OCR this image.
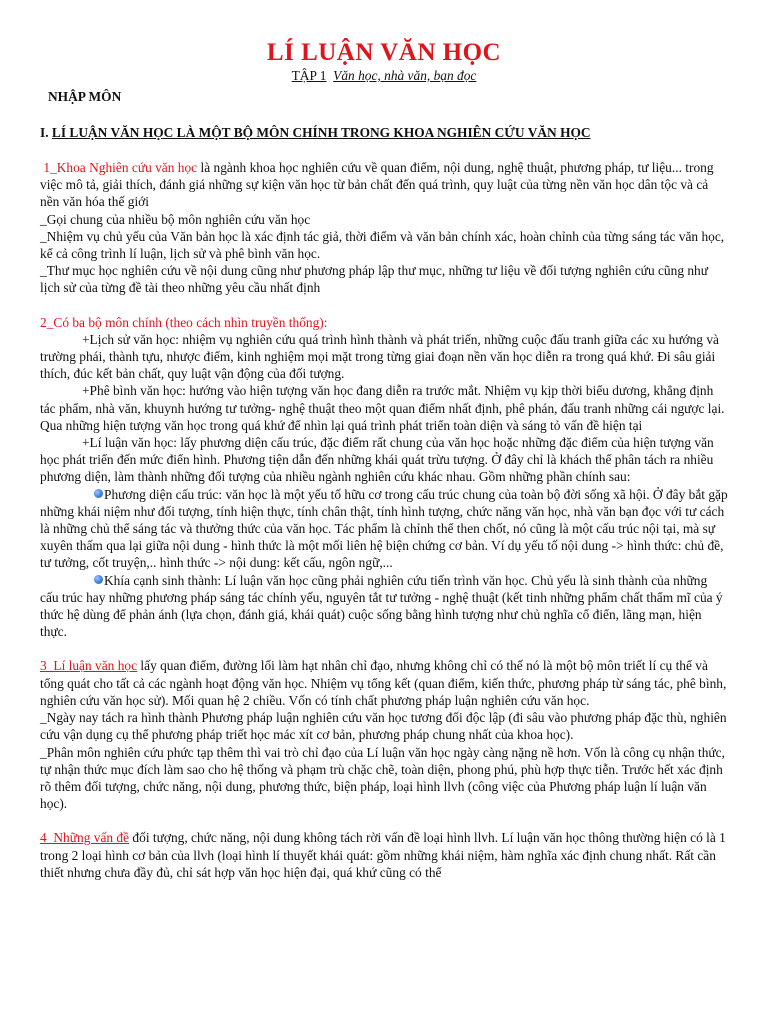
LÍ LUẬN VĂN HỌC

TẬP 1 Văn học, nhà văn, bạn đọc

NHẬP MÔN

I. LÍ LUẬN VĂN HỌC LÀ MỘT BỘ MÔN CHÍNH TRONG KHOA NGHIÊN CỨU VĂN HỌC

1_Khoa Nghiên cứu văn học là ngành khoa học nghiên cứu về quan điểm, nội dung, nghệ thuật, phương pháp, tư liệu... trong việc mô tả, giải thích, đánh giá những sự kiện văn học từ bản chất đến quá trình, quy luật của từng nền văn học dân tộc và cả nền văn hóa thế giới

_Gọi chung của nhiều bộ môn nghiên cứu văn học

_Nhiệm vụ chủ yếu của Văn bản học là xác định tác giả, thời điểm và văn bản chính xác, hoàn chỉnh của từng sáng tác văn học, kể cả công trình lí luận, lịch sử và phê bình văn học.

_Thư mục học nghiên cứu về nội dung cũng như phương pháp lập thư mục, những tư liệu về đối tượng nghiên cứu cũng như lịch sử của từng đề tài theo những yêu cầu nhất định

2_Có ba bộ môn chính (theo cách nhìn truyền thống):

+Lịch sử văn học: nhiệm vụ nghiên cứu quá trình hình thành và phát triển, những cuộc đấu tranh giữa các xu hướng và trường phái, thành tựu, nhược điểm, kinh nghiệm mọi mặt trong từng giai đoạn nền văn học diễn ra trong quá khứ. Đi sâu giải thích, đúc kết bản chất, quy luật vận động của đối tượng.

+Phê bình văn học: hướng vào hiện tượng văn học đang diễn ra trước mắt. Nhiệm vụ kịp thời biểu dương, khẳng định tác phẩm, nhà văn, khuynh hướng tư tưởng- nghệ thuật theo một quan điểm nhất định, phê phán, đấu tranh những cái ngược lại. Qua những hiện tượng văn học trong quá khứ để nhìn lại quá trình phát triển toàn diện và sáng tỏ vấn đề hiện tại

+Lí luận văn học: lấy phương diện cấu trúc, đặc điểm rất chung của văn học hoặc những đặc điểm của hiện tượng văn học phát triển đến mức điển hình. Phương tiện dẫn đến những khái quát trừu tượng. Ở đây chỉ là khách thể phân tách ra nhiều phương diện, làm thành những đối tượng của nhiều ngành nghiên cứu khác nhau. Gồm những phần chính sau:

Phương diện cấu trúc: văn học là một yếu tố hữu cơ trong cấu trúc chung của toàn bộ đời sống xã hội. Ở đây bắt gặp những khái niệm như đối tượng, tính hiện thực, tính chân thật, tính hình tượng, chức năng văn học, nhà văn bạn đọc với tư cách là những chủ thể sáng tác và thưởng thức của văn học. Tác phẩm là chỉnh thể then chốt, nó cũng là một cấu trúc nội tại, mà sự xuyên thấm qua lại giữa nội dung - hình thức là một mối liên hệ biện chứng cơ bản. Ví dụ yếu tố nội dung -> hình thức: chủ đề, tư tưởng, cốt truyện,.. hình thức -> nội dung: kết cấu, ngôn ngữ,...

Khía cạnh sinh thành: Lí luận văn học cũng phải nghiên cứu tiến trình văn học. Chủ yếu là sinh thành của những cấu trúc hay những phương pháp sáng tác chính yếu, nguyên tắt tư tưởng - nghệ thuật (kết tinh những phẩm chất thẩm mĩ của ý thức hệ dùng để phản ánh (lựa chọn, đánh giá, khái quát) cuộc sống bằng hình tượng như chủ nghĩa cổ điển, lãng mạn, hiện thực.

3_Lí luận văn học lấy quan điểm, đường lối làm hạt nhân chỉ đạo, nhưng không chỉ có thế nó là một bộ môn triết lí cụ thể và tổng quát cho tất cả các ngành hoạt động văn học. Nhiệm vụ tổng kết (quan điểm, kiến thức, phương pháp từ sáng tác, phê bình, nghiên cứu văn học sử). Mối quan hệ 2 chiều. Vốn có tính chất phương pháp luận nghiên cứu văn học.

_Ngày nay tách ra hình thành Phương pháp luận nghiên cứu văn học tương đối độc lập (đi sâu vào phương pháp đặc thù, nghiên cứu vận dụng cụ thể phương pháp triết học mác xít cơ bản, phương pháp chung nhất của khoa học).

_Phân môn nghiên cứu phức tạp thêm thì vai trò chỉ đạo của Lí luận văn học ngày càng nặng nề hơn. Vốn là công cụ nhận thức, tự nhận thức mục đích làm sao cho hệ thống và phạm trù chặc chẽ, toàn diện, phong phú, phù hợp thực tiễn. Trước hết xác định rõ thêm đối tượng, chức năng, nội dung, phương thức, biện pháp, loại hình llvh (công việc của Phương pháp luận lí luận văn học).

4_Những vấn đề đối tượng, chức năng, nội dung không tách rời vấn đề loại hình llvh. Lí luận văn học thông thường hiện có là 1 trong 2 loại hình cơ bản của llvh (loại hình lí thuyết khái quát: gồm những khái niệm, hàm nghĩa xác định chung nhất. Rất cần thiết nhưng chưa đầy đủ, chỉ sát hợp văn học hiện đại, quá khứ cũng có thể
